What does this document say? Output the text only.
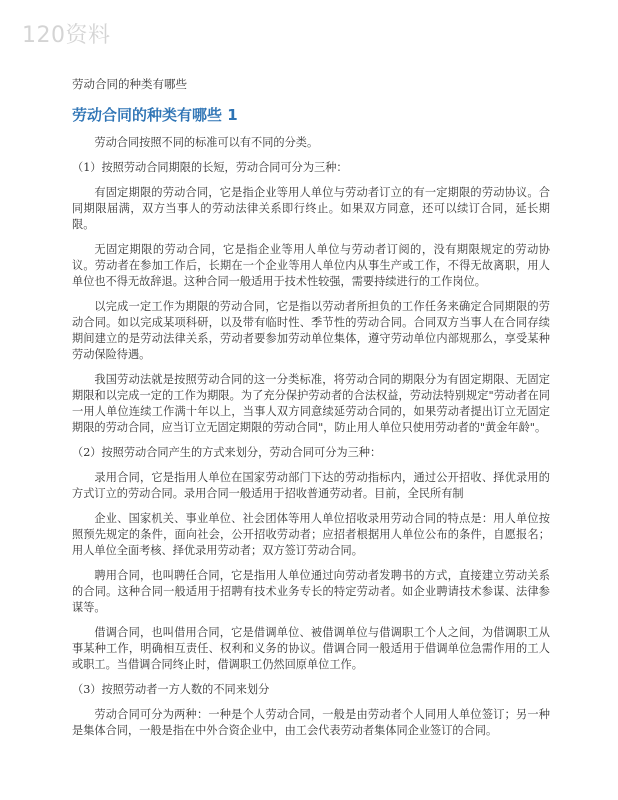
120资料
劳动合同的种类有哪些
劳动合同的种类有哪些 1

劳动合同按照不同的标准可以有不同的分类。

（1）按照劳动合同期限的长短，劳动合同可分为三种：

有固定期限的劳动合同，它是指企业等用人单位与劳动者订立的有一定期限的劳动协议。合同期限届满，双方当事人的劳动法律关系即行终止。如果双方同意，还可以续订合同，延长期限。

无固定期限的劳动合同，它是指企业等用人单位与劳动者订阅的，没有期限规定的劳动协议。劳动者在参加工作后，长期在一个企业等用人单位内从事生产或工作，不得无故离职，用人单位也不得无故辞退。这种合同一般适用于技术性较强，需要持续进行的工作岗位。

以完成一定工作为期限的劳动合同，它是指以劳动者所担负的工作任务来确定合同期限的劳动合同。如以完成某项科研，以及带有临时性、季节性的劳动合同。合同双方当事人在合同存续期间建立的是劳动法律关系，劳动者要参加劳动单位集体，遵守劳动单位内部规那么，享受某种劳动保险待遇。

我国劳动法就是按照劳动合同的这一分类标准，将劳动合同的期限分为有固定期限、无固定期限和以完成一定的工作为期限。为了充分保护劳动者的合法权益，劳动法特别规定"劳动者在同一用人单位连续工作满十年以上，当事人双方同意续延劳动合同的，如果劳动者提出订立无固定期限的劳动合同，应当订立无固定期限的劳动合同"，防止用人单位只使用劳动者的"黄金年龄"。

（2）按照劳动合同产生的方式来划分，劳动合同可分为三种：

录用合同，它是指用人单位在国家劳动部门下达的劳动指标内，通过公开招收、择优录用的方式订立的劳动合同。录用合同一般适用于招收普通劳动者。目前，全民所有制

企业、国家机关、事业单位、社会团体等用人单位招收录用劳动合同的特点是：用人单位按照预先规定的条件，面向社会，公开招收劳动者；应招者根据用人单位公布的条件，自愿报名；用人单位全面考核、择优录用劳动者；双方签订劳动合同。

聘用合同，也叫聘任合同，它是指用人单位通过向劳动者发聘书的方式，直接建立劳动关系的合同。这种合同一般适用于招聘有技术业务专长的特定劳动者。如企业聘请技术参谋、法律参谋等。

借调合同，也叫借用合同，它是借调单位、被借调单位与借调职工个人之间，为借调职工从事某种工作，明确相互责任、权利和义务的协议。借调合同一般适用于借调单位急需作用的工人或职工。当借调合同终止时，借调职工仍然回原单位工作。

（3）按照劳动者一方人数的不同来划分

劳动合同可分为两种：一种是个人劳动合同，一般是由劳动者个人同用人单位签订；另一种是集体合同，一般是指在中外合资企业中，由工会代表劳动者集体同企业签订的合同。
